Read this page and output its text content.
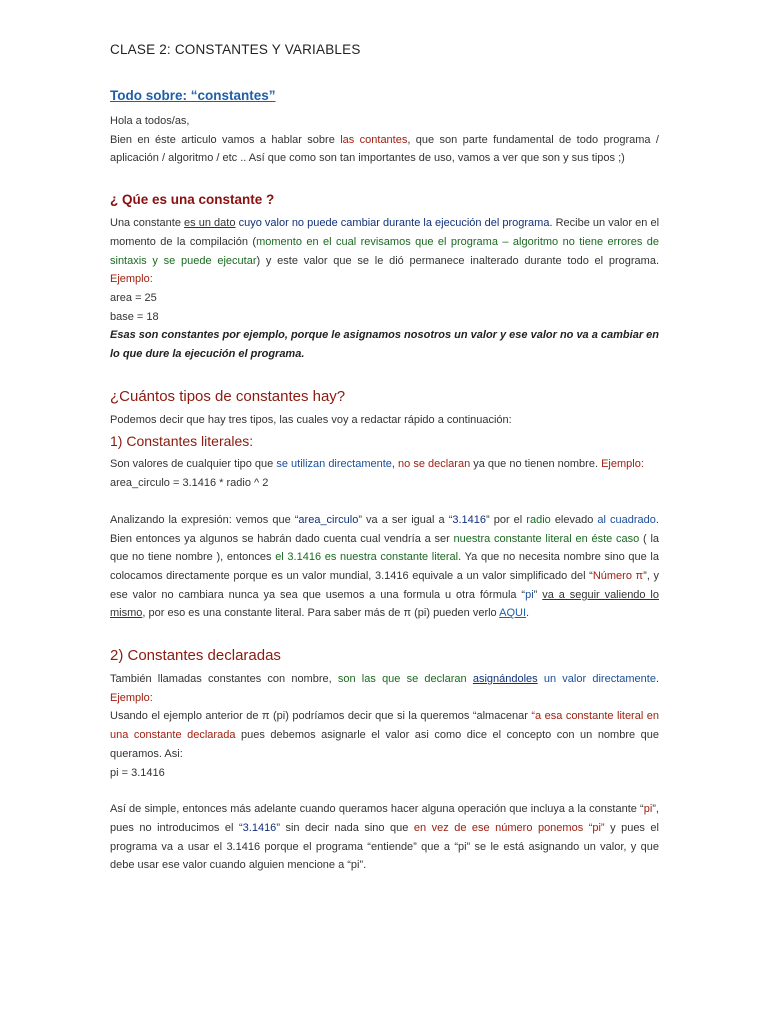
CLASE 2: CONSTANTES Y VARIABLES
Todo sobre: “constantes”
Hola a todos/as,

Bien en éste articulo vamos a hablar sobre las contantes, que son parte fundamental de todo programa / aplicación / algoritmo / etc .. Así que como son tan importantes de uso, vamos a ver que son y sus tipos ;)

¿ Qúe es una constante ?

Una constante es un dato cuyo valor no puede cambiar durante la ejecución del programa. Recibe un valor en el momento de la compilación (momento en el cual revisamos que el programa – algoritmo no tiene errores de sintaxis y se puede ejecutar) y este valor que se le dió permanece inalterado durante todo el programa. Ejemplo:

area = 25
base = 18

Esas son constantes por ejemplo, porque le asignamos nosotros un valor y ese valor no va a cambiar en lo que dure la ejecución el programa.

¿Cuántos tipos de constantes hay?
Podemos decir que hay tres tipos, las cuales voy a redactar rápido a continuación:
1) Constantes literales:

Son valores de cualquier tipo que se utilizan directamente, no se declaran ya que no tienen nombre. Ejemplo:

area_circulo = 3.1416 * radio ^ 2

Analizando la expresión: vemos que “area_circulo” va a ser igual a “3.1416” por el radio elevado al cuadrado. Bien entonces ya algunos se habrán dado cuenta cual vendría a ser nuestra constante literal en éste caso ( la que no tiene nombre ), entonces el 3.1416 es nuestra constante literal. Ya que no necesita nombre sino que la colocamos directamente porque es un valor mundial, 3.1416 equivale a un valor simplificado del “Número π”, y ese valor no cambiara nunca ya sea que usemos a una formula u otra fórmula “pi” va a seguir valiendo lo mismo, por eso es una constante literal. Para saber más de π (pi) pueden verlo AQUI.

2) Constantes declaradas

También llamadas constantes con nombre, son las que se declaran asignándoles un valor directamente. Ejemplo:

Usando el ejemplo anterior de π (pi) podríamos decir que si la queremos “almacenar “a esa constante literal en una constante declarada pues debemos asignarle el valor asi como dice el concepto con un nombre que queramos. Asi:

pi = 3.1416

Así de simple, entonces más adelante cuando queramos hacer alguna operación que incluya a la constante “pi”, pues no introducimos el “3.1416” sin decir nada sino que en vez de ese número ponemos “pi” y pues el programa va a usar el 3.1416 porque el programa “entiende” que a “pi” se le está asignando un valor, y que debe usar ese valor cuando alguien mencione a “pi”.
